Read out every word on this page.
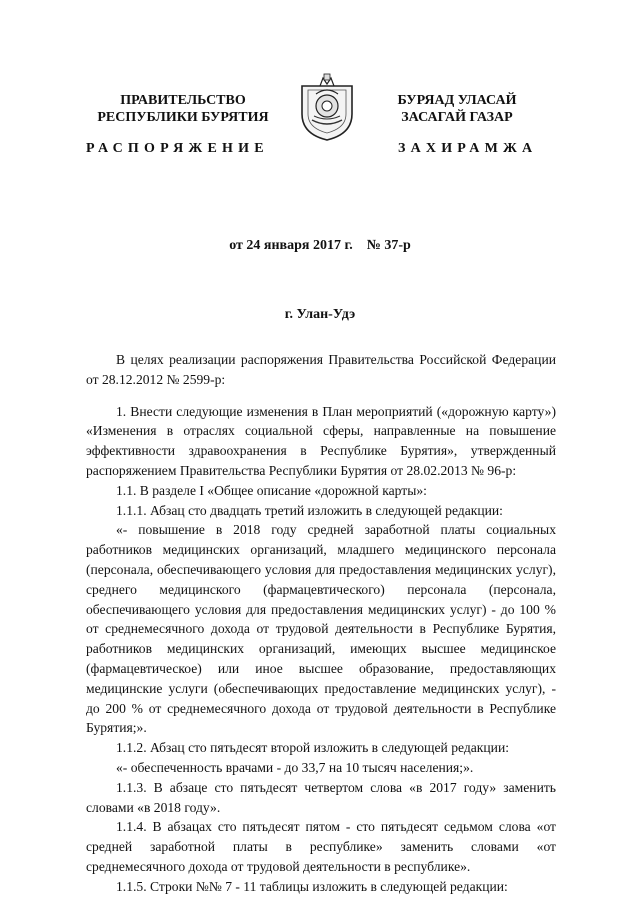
ПРАВИТЕЛЬСТВО
РЕСПУБЛИКИ БУРЯТИЯ
БУРЯАД УЛАСАЙ
ЗАСАГАЙ ГАЗАР
РАСПОРЯЖЕНИЕ	ЗАХИРАМЖА
от 24 января 2017 г.    № 37-р
г. Улан-Удэ

В целях реализации распоряжения Правительства Российской Федерации от 28.12.2012 № 2599-р:

1. Внести следующие изменения в План мероприятий («дорожную карту») «Изменения в отраслях социальной сферы, направленные на повышение эффективности здравоохранения в Республике Бурятия», утвержденный распоряжением Правительства Республики Бурятия от 28.02.2013 № 96-р:

1.1. В разделе I «Общее описание «дорожной карты»:

1.1.1. Абзац сто двадцать третий изложить в следующей редакции:

«- повышение в 2018 году средней заработной платы социальных работников медицинских организаций, младшего медицинского персонала (персонала, обеспечивающего условия для предоставления медицинских услуг), среднего медицинского (фармацевтического) персонала (персонала, обеспечивающего условия для предоставления медицинских услуг) - до 100 % от среднемесячного дохода от трудовой деятельности в Республике Бурятия, работников медицинских организаций, имеющих высшее медицинское (фармацевтическое) или иное высшее образование, предоставляющих медицинские услуги (обеспечивающих предоставление медицинских услуг), - до 200 % от среднемесячного дохода от трудовой деятельности в Республике Бурятия;».

1.1.2. Абзац сто пятьдесят второй изложить в следующей редакции:

«- обеспеченность врачами - до 33,7 на 10 тысяч населения;».

1.1.3. В абзаце сто пятьдесят четвертом слова «в 2017 году» заменить словами «в 2018 году».

1.1.4. В абзацах сто пятьдесят пятом - сто пятьдесят седьмом слова «от средней заработной платы в республике» заменить словами «от среднемесячного дохода от трудовой деятельности в республике».

1.1.5. Строки №№ 7 - 11 таблицы изложить в следующей редакции:
